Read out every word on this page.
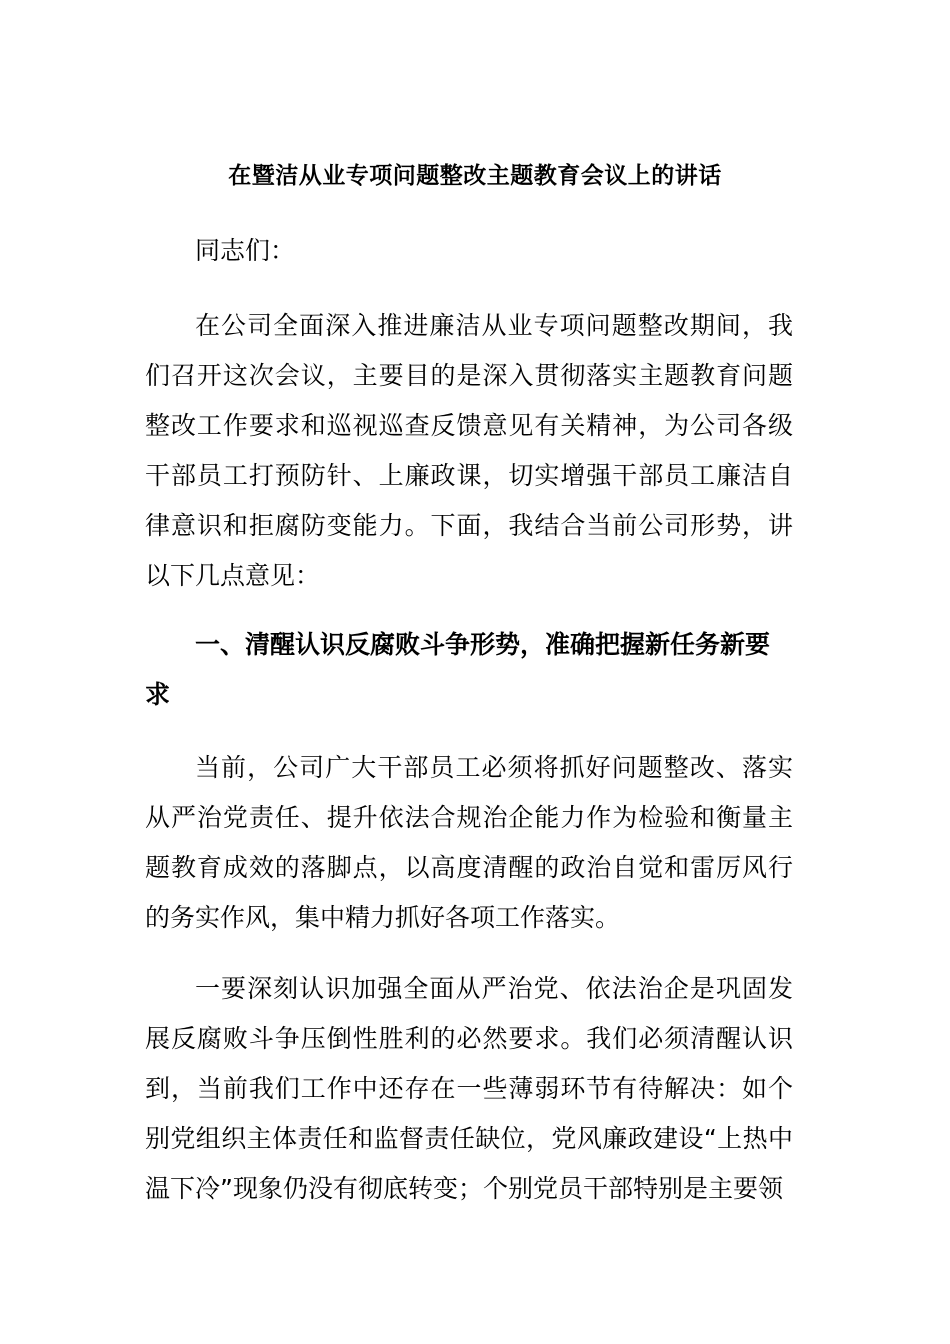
在暨洁从业专项问题整改主题教育会议上的讲话

同志们：

在公司全面深入推进廉洁从业专项问题整改期间，我们召开这次会议，主要目的是深入贯彻落实主题教育问题整改工作要求和巡视巡查反馈意见有关精神，为公司各级干部员工打预防针、上廉政课，切实增强干部员工廉洁自律意识和拒腐防变能力。下面，我结合当前公司形势，讲以下几点意见：

一、清醒认识反腐败斗争形势，准确把握新任务新要求

当前，公司广大干部员工必须将抓好问题整改、落实从严治党责任、提升依法合规治企能力作为检验和衡量主题教育成效的落脚点，以高度清醒的政治自觉和雷厉风行的务实作风，集中精力抓好各项工作落实。

一要深刻认识加强全面从严治党、依法治企是巩固发展反腐败斗争压倒性胜利的必然要求。我们必须清醒认识到，当前我们工作中还存在一些薄弱环节有待解决：如个别党组织主体责任和监督责任缺位，党风廉政建设“上热中温下冷”现象仍没有彻底转变；个别党员干部特别是主要领
